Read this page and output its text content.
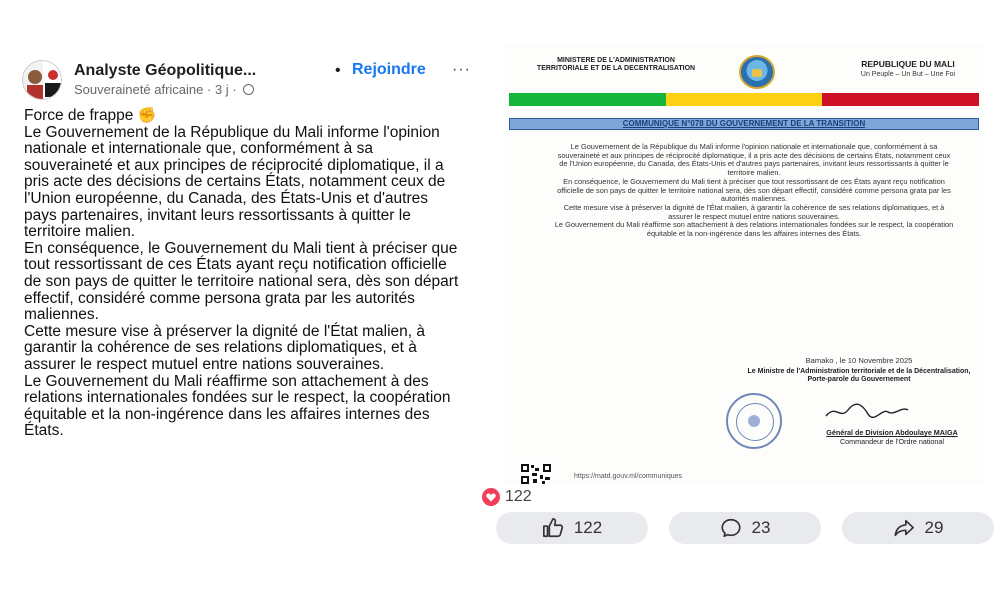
Analyste Géopolitique...	• Rejoindre ···
Souveraineté africaine · 3 j ·

Force de frappe ✊

Le Gouvernement de la République du Mali informe l'opinion nationale et internationale que, conformément à sa souveraineté et aux principes de réciprocité diplomatique, il a pris acte des décisions de certains États, notamment ceux de l'Union européenne, du Canada, des États-Unis et d'autres pays partenaires, invitant leurs ressortissants à quitter le territoire malien.

En conséquence, le Gouvernement du Mali tient à préciser que tout ressortissant de ces États ayant reçu notification officielle de son pays de quitter le territoire national sera, dès son départ effectif, considéré comme persona grata par les autorités maliennes.

Cette mesure vise à préserver la dignité de l'État malien, à garantir la cohérence de ses relations diplomatiques, et à assurer le respect mutuel entre nations souveraines.

Le Gouvernement du Mali réaffirme son attachement à des relations internationales fondées sur le respect, la coopération équitable et la non-ingérence dans les affaires internes des États.

MINISTERE DE L'ADMINISTRATION TERRITORIALE ET DE LA DECENTRALISATION	REPUBLIQUE DU MALI
Un Peuple – Un But – Une Foi
COMMUNIQUE N°078 DU GOUVERNEMENT DE LA TRANSITION

Le Gouvernement de la République du Mali informe l'opinion nationale et internationale que, conformément à sa souveraineté et aux principes de réciprocité diplomatique, il a pris acte des décisions de certains États, notamment ceux de l'Union européenne, du Canada, des États-Unis et d'autres pays partenaires, invitant leurs ressortissants à quitter le territoire malien.

En conséquence, le Gouvernement du Mali tient à préciser que tout ressortissant de ces États ayant reçu notification officielle de son pays de quitter le territoire national sera, dès son départ effectif, considéré comme persona grata par les autorités maliennes.

Cette mesure vise à préserver la dignité de l'État malien, à garantir la cohérence de ses relations diplomatiques, et à assurer le respect mutuel entre nations souveraines.

Le Gouvernement du Mali réaffirme son attachement à des relations internationales fondées sur le respect, la coopération équitable et la non-ingérence dans les affaires internes des États.

Bamako , le 10 Novembre 2025
Le Ministre de l'Administration territoriale et de la Décentralisation, Porte-parole du Gouvernement
Général de Division Abdoulaye MAIGA
Commandeur de l'Ordre national
https://matd.gouv.ml/communiques
122
122	23	29
